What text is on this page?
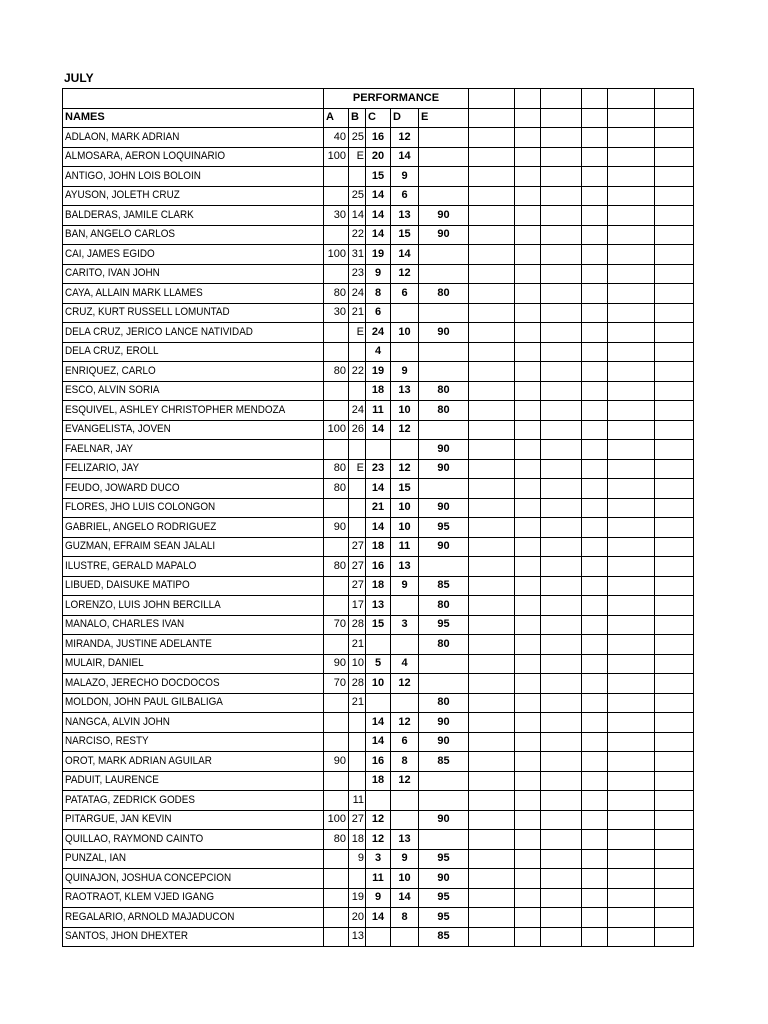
JULY
	PERFORMANCE										
NAMES	A	B	C	D	E						
ADLAON, MARK ADRIAN	40	25	16	12							
ALMOSARA, AERON LOQUINARIO	100	E	20	14							
ANTIGO, JOHN LOIS BOLOIN			15	9							
AYUSON, JOLETH CRUZ		25	14	6							
BALDERAS, JAMILE CLARK	30	14	14	13	90						
BAN, ANGELO CARLOS		22	14	15	90						
CAI, JAMES EGIDO	100	31	19	14							
CARITO, IVAN JOHN		23	9	12							
CAYA, ALLAIN MARK LLAMES	80	24	8	6	80						
CRUZ, KURT RUSSELL LOMUNTAD	30	21	6								
DELA CRUZ, JERICO LANCE NATIVIDAD		E	24	10	90						
DELA CRUZ, EROLL			4								
ENRIQUEZ, CARLO	80	22	19	9							
ESCO, ALVIN SORIA			18	13	80						
ESQUIVEL, ASHLEY CHRISTOPHER MENDOZA		24	11	10	80						
EVANGELISTA, JOVEN	100	26	14	12							
FAELNAR, JAY					90						
FELIZARIO, JAY	80	E	23	12	90						
FEUDO, JOWARD DUCO	80		14	15							
FLORES, JHO LUIS COLONGON			21	10	90						
GABRIEL, ANGELO RODRIGUEZ	90		14	10	95						
GUZMAN, EFRAIM SEAN JALALI		27	18	11	90						
ILUSTRE, GERALD MAPALO	80	27	16	13							
LIBUED, DAISUKE MATIPO		27	18	9	85						
LORENZO, LUIS JOHN BERCILLA		17	13		80						
MANALO, CHARLES IVAN	70	28	15	3	95						
MIRANDA, JUSTINE ADELANTE		21			80						
MULAIR, DANIEL	90	10	5	4							
MALAZO, JERECHO DOCDOCOS	70	28	10	12							
MOLDON, JOHN PAUL GILBALIGA		21			80						
NANGCA, ALVIN JOHN			14	12	90						
NARCISO, RESTY			14	6	90						
OROT, MARK ADRIAN AGUILAR	90		16	8	85						
PADUIT, LAURENCE			18	12							
PATATAG, ZEDRICK GODES		11									
PITARGUE, JAN KEVIN	100	27	12		90						
QUILLAO, RAYMOND CAINTO	80	18	12	13							
PUNZAL, IAN		9	3	9	95						
QUINAJON, JOSHUA CONCEPCION			11	10	90						
RAOTRAOT, KLEM VJED IGANG		19	9	14	95						
REGALARIO, ARNOLD MAJADUCON		20	14	8	95						
SANTOS, JHON DHEXTER		13			85						
